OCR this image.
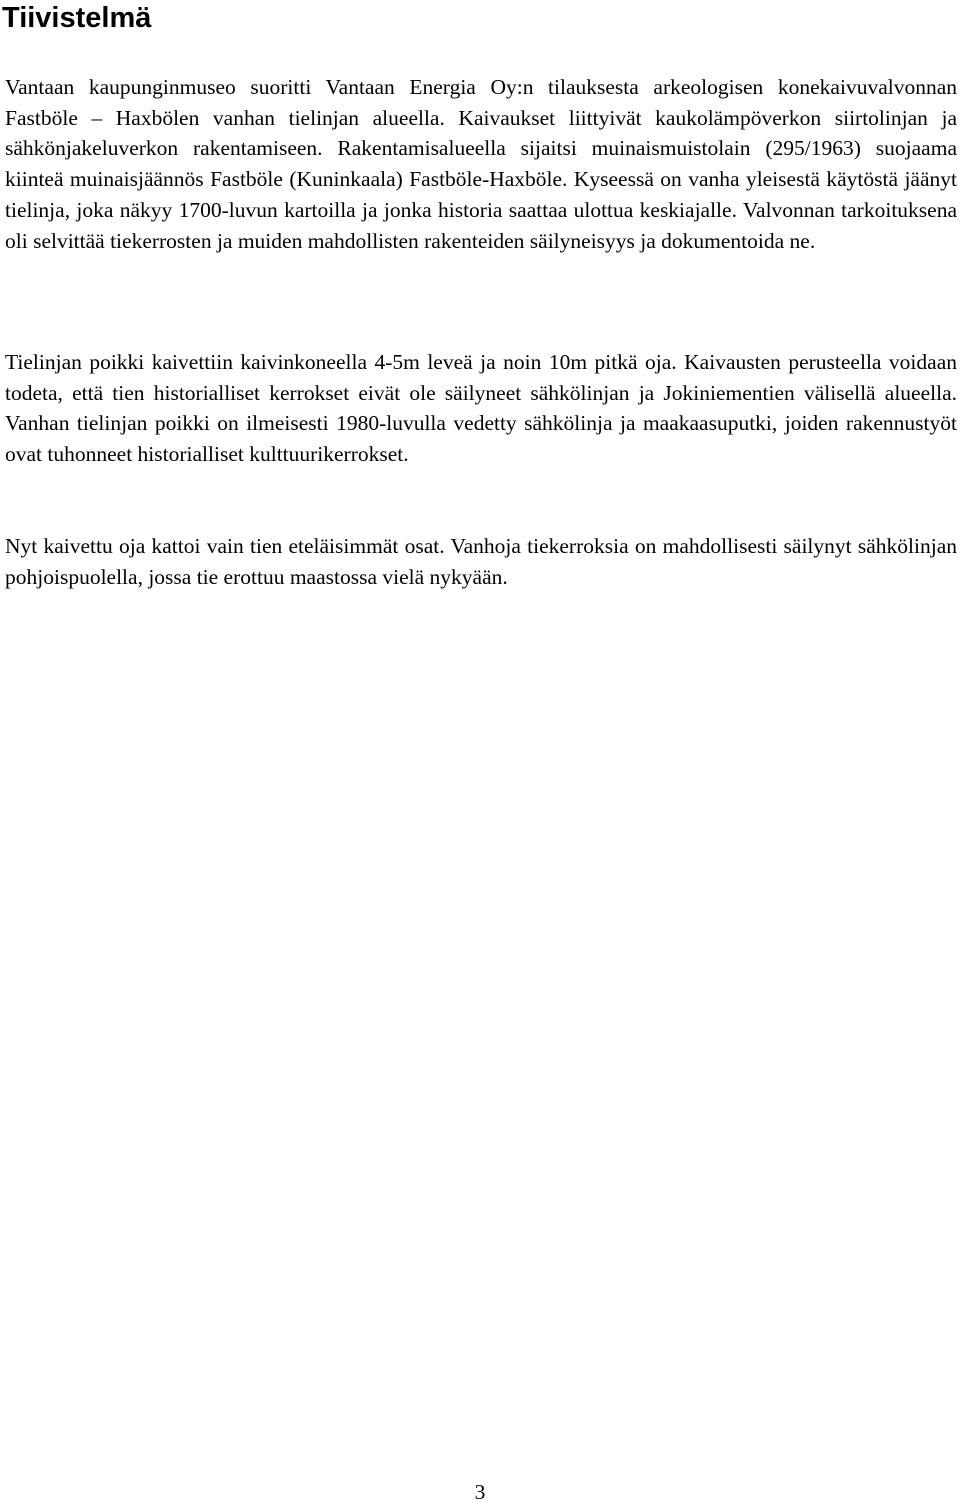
Tiivistelmä

Vantaan kaupunginmuseo suoritti Vantaan Energia Oy:n tilauksesta arkeologisen konekaivuvalvonnan Fastböle – Haxbölen vanhan tielinjan alueella. Kaivaukset liittyivät kaukolämpöverkon siirtolinjan ja sähkönjakeluverkon rakentamiseen. Rakentamisalueella sijaitsi muinaismuistolain (295/1963) suojaama kiinteä muinaisjäännös Fastböle (Kuninkaala) Fastböle-Haxböle. Kyseessä on vanha yleisestä käytöstä jäänyt tielinja, joka näkyy 1700-luvun kartoilla ja jonka historia saattaa ulottua keskiajalle. Valvonnan tarkoituksena oli selvittää tiekerrosten ja muiden mahdollisten rakenteiden säilyneisyys ja dokumentoida ne.

Tielinjan poikki kaivettiin kaivinkoneella 4-5m leveä ja noin 10m pitkä oja. Kaivausten perusteella voidaan todeta, että tien historialliset kerrokset eivät ole säilyneet sähkölinjan ja Jokiniementien välisellä alueella. Vanhan tielinjan poikki on ilmeisesti 1980-luvulla vedetty sähkölinja ja maakaasuputki, joiden rakennustyöt ovat tuhonneet historialliset kulttuurikerrokset.

Nyt kaivettu oja kattoi vain tien eteläisimmät osat. Vanhoja tiekerroksia on mahdollisesti säilynyt sähkölinjan pohjoispuolella, jossa tie erottuu maastossa vielä nykyään.

3
